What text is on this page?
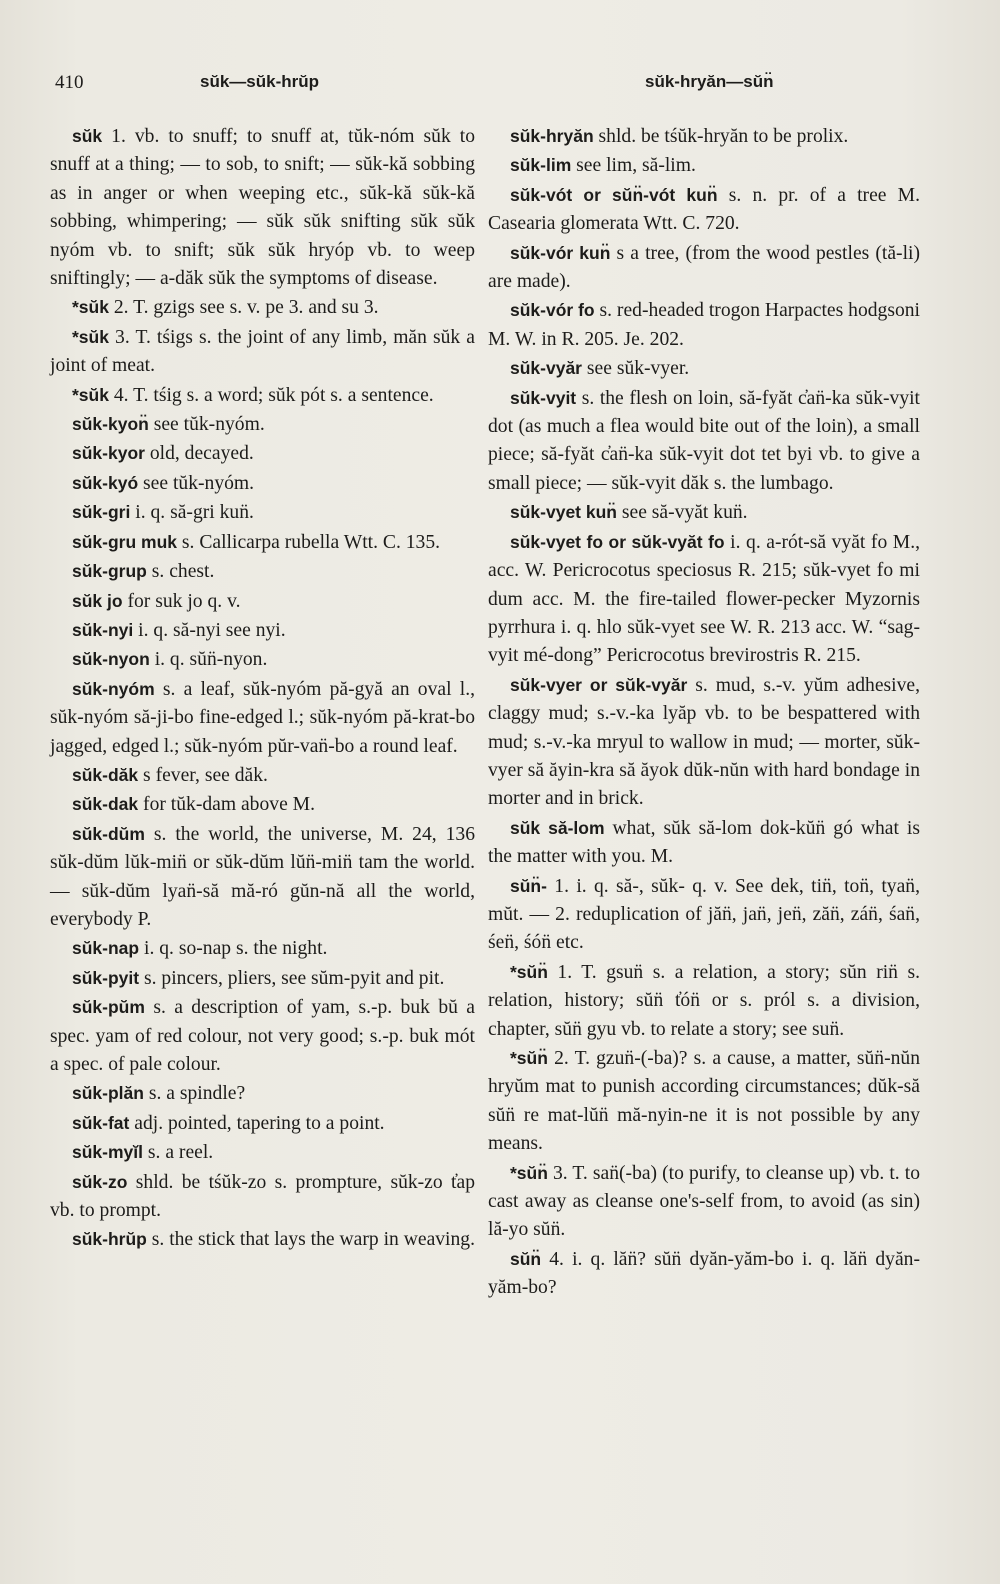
410	sŭk—sŭk-hrŭp	sŭk-hryăn—sŭn̈

sŭk 1. vb. to snuff; to snuff at, tŭk-nóm sŭk to snuff at a thing; — to sob, to snift; — sŭk-kă sobbing as in anger or when weeping etc., sŭk-kă sŭk-kă sobbing, whimpering; — sŭk sŭk snifting sŭk sŭk nyóm vb. to snift; sŭk sŭk hryóp vb. to weep sniftingly; — a-dăk sŭk the symptoms of disease.

*sŭk 2. T. gzigs see s. v. pe 3. and su 3.

*sŭk 3. T. tśigs s. the joint of any limb, măn sŭk a joint of meat.

*sŭk 4. T. tśig s. a word; sŭk pót s. a sentence.

sŭk-kyon̈ see tŭk-nyóm.

sŭk-kyor old, decayed.

sŭk-kyó see tŭk-nyóm.

sŭk-gri i. q. să-gri kun̈.

sŭk-gru muk s. Callicarpa rubella Wtt. C. 135.

sŭk-grup s. chest.

sŭk jo for suk jo q. v.

sŭk-nyi i. q. să-nyi see nyi.

sŭk-nyon i. q. sŭn̈-nyon.

sŭk-nyóm s. a leaf, sŭk-nyóm pă-gyă an oval l., sŭk-nyóm să-ji-bo fine-edged l.; sŭk-nyóm pă-krat-bo jagged, edged l.; sŭk-nyóm pŭr-van̈-bo a round leaf.

sŭk-dăk s fever, see dăk.

sŭk-dak for tŭk-dam above M.

sŭk-dŭm s. the world, the universe, M. 24, 136 sŭk-dŭm lŭk-min̈ or sŭk-dŭm lŭn̈-min̈ tam the world. — sŭk-dŭm lyan̈-să mă-ró gŭn-nă all the world, everybody P.

sŭk-nap i. q. so-nap s. the night.

sŭk-pyit s. pincers, pliers, see sŭm-pyit and pit.

sŭk-pŭm s. a description of yam, s.-p. buk bŭ a spec. yam of red colour, not very good; s.-p. buk mót a spec. of pale colour.

sŭk-plăn s. a spindle?

sŭk-fat adj. pointed, tapering to a point.

sŭk-myĭl s. a reel.

sŭk-zo shld. be tśŭk-zo s. prompture, sŭk-zo t̓ap vb. to prompt.

sŭk-hrŭp s. the stick that lays the warp in weaving.

sŭk-hryăn shld. be tśŭk-hryăn to be prolix.

sŭk-lim see lim, să-lim.

sŭk-vót or sŭn̈-vót kun̈ s. n. pr. of a tree M. Casearia glomerata Wtt. C. 720.

sŭk-vór kun̈ s a tree, (from the wood pestles (tă-li) are made).

sŭk-vór fo s. red-headed trogon Harpactes hodgsoni M. W. in R. 205. Je. 202.

sŭk-vyăr see sŭk-vyer.

sŭk-vyit s. the flesh on loin, să-fyăt c̓an̈-ka sŭk-vyit dot (as much a flea would bite out of the loin), a small piece; să-fyăt c̓an̈-ka sŭk-vyit dot tet byi vb. to give a small piece; — sŭk-vyit dăk s. the lumbago.

sŭk-vyet kun̈ see să-vyăt kun̈.

sŭk-vyet fo or sŭk-vyăt fo i. q. a-rót-să vyăt fo M., acc. W. Pericrocotus speciosus R. 215; sŭk-vyet fo mi dum acc. M. the fire-tailed flower-pecker Myzornis pyrrhura i. q. hlo sŭk-vyet see W. R. 213 acc. W. “sag-vyit mé-dong” Pericrocotus brevirostris R. 215.

sŭk-vyer or sŭk-vyăr s. mud, s.-v. yŭm adhesive, claggy mud; s.-v.-ka lyăp vb. to be bespattered with mud; s.-v.-ka mryul to wallow in mud; — morter, sŭk-vyer să ăyin-kra să ăyok dŭk-nŭn with hard bondage in morter and in brick.

sŭk să-lom what, sŭk să-lom dok-kŭn̈ gó what is the matter with you. M.

sŭn̈- 1. i. q. să-, sŭk- q. v. See dek, tin̈, ton̈, tyan̈, mŭt. — 2. reduplication of jăn̈, jan̈, jen̈, zăn̈, zán̈, śan̈, śen̈, śón̈ etc.

*sŭn̈ 1. T. gsun̈ s. a relation, a story; sŭn rin̈ s. relation, history; sŭn̈ t̓ón̈ or s. pról s. a division, chapter, sŭn̈ gyu vb. to relate a story; see sun̈.

*sŭn̈ 2. T. gzun̈-(-ba)? s. a cause, a matter, sŭn̈-nŭn hryŭm mat to punish according circumstances; dŭk-să sŭn̈ re mat-lŭn̈ mă-nyin-ne it is not possible by any means.

*sŭn̈ 3. T. san̈(-ba) (to purify, to cleanse up) vb. t. to cast away as cleanse one's-self from, to avoid (as sin) lă-yo sŭn̈.

sŭn̈ 4. i. q. lăn̈? sŭn̈ dyăn-yăm-bo i. q. lăn̈ dyăn-yăm-bo?
